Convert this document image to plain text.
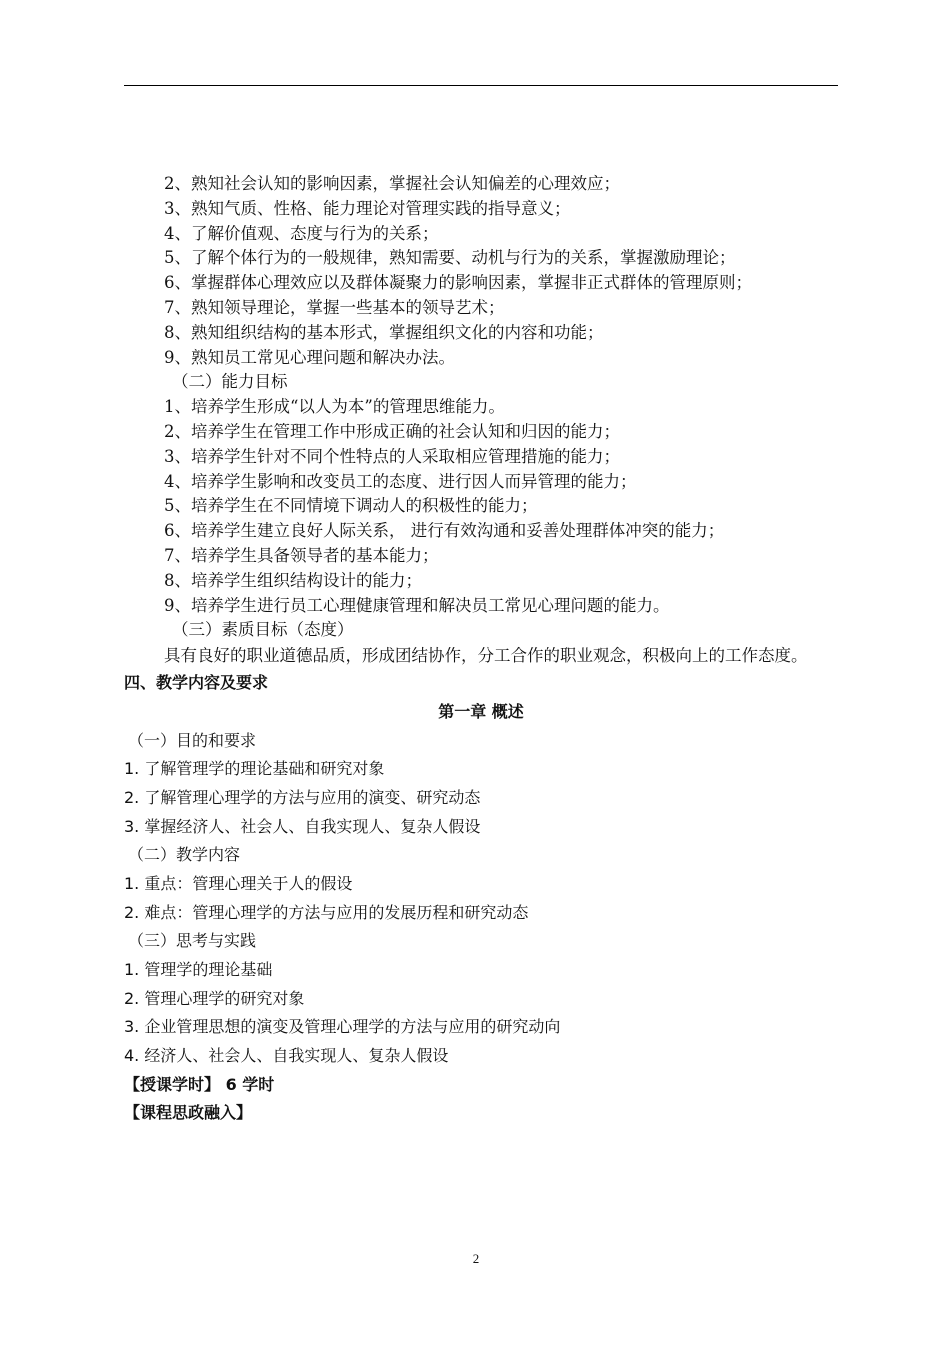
2、熟知社会认知的影响因素，掌握社会认知偏差的心理效应；
3、熟知气质、性格、能力理论对管理实践的指导意义；
4、了解价值观、态度与行为的关系；
5、了解个体行为的一般规律，熟知需要、动机与行为的关系，掌握激励理论；
6、掌握群体心理效应以及群体凝聚力的影响因素，掌握非正式群体的管理原则；
7、熟知领导理论，掌握一些基本的领导艺术；
8、熟知组织结构的基本形式，掌握组织文化的内容和功能；
9、熟知员工常见心理问题和解决办法。
（二）能力目标
1、培养学生形成“以人为本”的管理思维能力。
2、培养学生在管理工作中形成正确的社会认知和归因的能力；
3、培养学生针对不同个性特点的人采取相应管理措施的能力；
4、培养学生影响和改变员工的态度、进行因人而异管理的能力；
5、培养学生在不同情境下调动人的积极性的能力；
6、培养学生建立良好人际关系， 进行有效沟通和妥善处理群体冲突的能力；
7、培养学生具备领导者的基本能力；
8、培养学生组织结构设计的能力；
9、培养学生进行员工心理健康管理和解决员工常见心理问题的能力。
（三）素质目标（态度）
具有良好的职业道德品质，形成团结协作，分工合作的职业观念，积极向上的工作态度。
四、教学内容及要求
第一章 概述
（一）目的和要求
1. 了解管理学的理论基础和研究对象
2. 了解管理心理学的方法与应用的演变、研究动态
3. 掌握经济人、社会人、自我实现人、复杂人假设
（二）教学内容
1. 重点：管理心理关于人的假设
2. 难点：管理心理学的方法与应用的发展历程和研究动态
（三）思考与实践
1. 管理学的理论基础
2. 管理心理学的研究对象
3. 企业管理思想的演变及管理心理学的方法与应用的研究动向
4. 经济人、社会人、自我实现人、复杂人假设
【授课学时】 6 学时
【课程思政融入】
2
